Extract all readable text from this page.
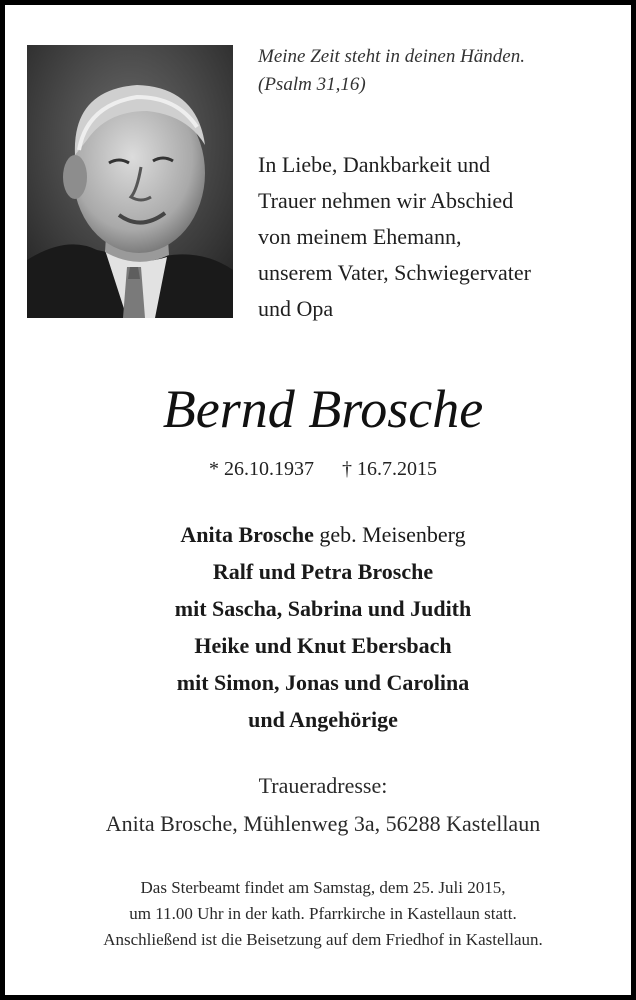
Meine Zeit steht in deinen Händen.
(Psalm 31,16)
In Liebe, Dankbarkeit und
Trauer nehmen wir Abschied
von meinem Ehemann,
unserem Vater, Schwiegervater
und Opa
Bernd Brosche
* 26.10.1937 † 16.7.2015
Anita Brosche geb. Meisenberg
Ralf und Petra Brosche
mit Sascha, Sabrina und Judith
Heike und Knut Ebersbach
mit Simon, Jonas und Carolina
und Angehörige
Traueradresse:
Anita Brosche, Mühlenweg 3a, 56288 Kastellaun
Das Sterbeamt findet am Samstag, dem 25. Juli 2015,
um 11.00 Uhr in der kath. Pfarrkirche in Kastellaun statt.
Anschließend ist die Beisetzung auf dem Friedhof in Kastellaun.
